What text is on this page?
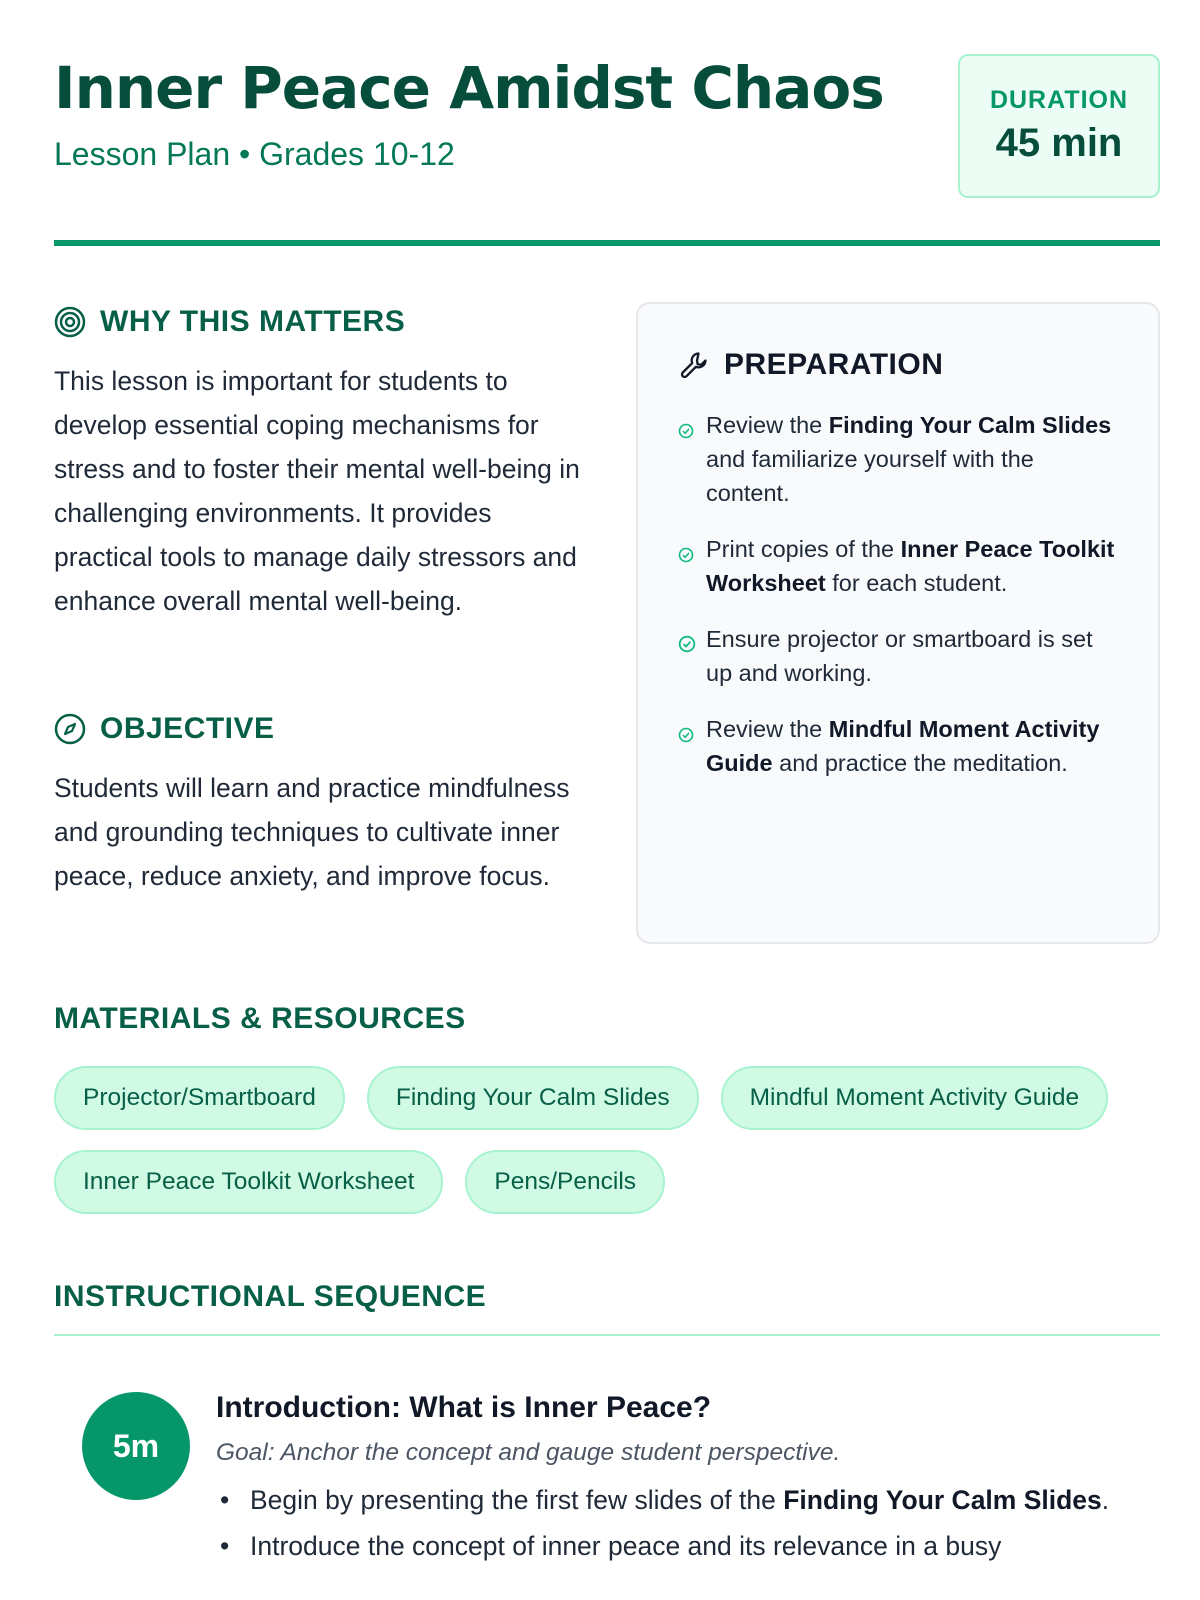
Inner Peace Amidst Chaos
Lesson Plan • Grades 10-12
DURATION
45 min
WHY THIS MATTERS

This lesson is important for students to develop essential coping mechanisms for stress and to foster their mental well-being in challenging environments. It provides practical tools to manage daily stressors and enhance overall mental well-being.

OBJECTIVE

Students will learn and practice mindfulness and grounding techniques to cultivate inner peace, reduce anxiety, and improve focus.

PREPARATION
Review the Finding Your Calm Slides and familiarize yourself with the content.
Print copies of the Inner Peace Toolkit Worksheet for each student.
Ensure projector or smartboard is set up and working.
Review the Mindful Moment Activity Guide and practice the meditation.
MATERIALS & RESOURCES
Projector/Smartboard	Finding Your Calm Slides	Mindful Moment Activity Guide
Inner Peace Toolkit Worksheet	Pens/Pencils
INSTRUCTIONAL SEQUENCE
5m
Introduction: What is Inner Peace?
Goal: Anchor the concept and gauge student perspective.
• Begin by presenting the first few slides of the Finding Your Calm Slides.
• Introduce the concept of inner peace and its relevance in a busy
